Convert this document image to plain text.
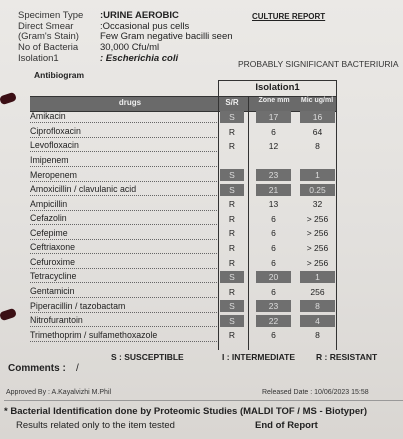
Specimen Type :URINE AEROBIC	CULTURE REPORT
Direct Smear	:Occasional pus cells
(Gram's Stain) Few Gram negative bacilli seen
No of Bacteria 30,000 Cfu/ml
Isolation1	: Escherichia coli	PROBABLY SIGNIFICANT BACTERIURIA
Antibiogram
Isolation1
drugs	S/R	Zone mm	Mic ug/ml
Amikacin	S	17	16
Ciprofloxacin	R	6	64
Levofloxacin	R	12	8
Imipenem
Meropenem	S	23	1
Amoxicillin / clavulanic acid	S	21	0.25
Ampicillin	R	13	32
Cefazolin	R	6	> 256
Cefepime	R	6	> 256
Ceftriaxone	R	6	> 256
Cefuroxime	R	6	> 256
Tetracycline	S	20	1
Gentamicin	R	6	256
Piperacillin / tazobactam	S	23	8
Nitrofurantoin	S	22	4
Trimethoprim / sulfamethoxazole	R	6	8
S : SUSCEPTIBLE	I : INTERMEDIATE R : RESISTANT
Comments : /
Approved By : A.Kayalvizhi M.Phil	Released Date : 10/06/2023 15:58
* Bacterial Identification done by Proteomic Studies (MALDI TOF / MS - Biotyper)
Results related only to the item tested	End of Report
